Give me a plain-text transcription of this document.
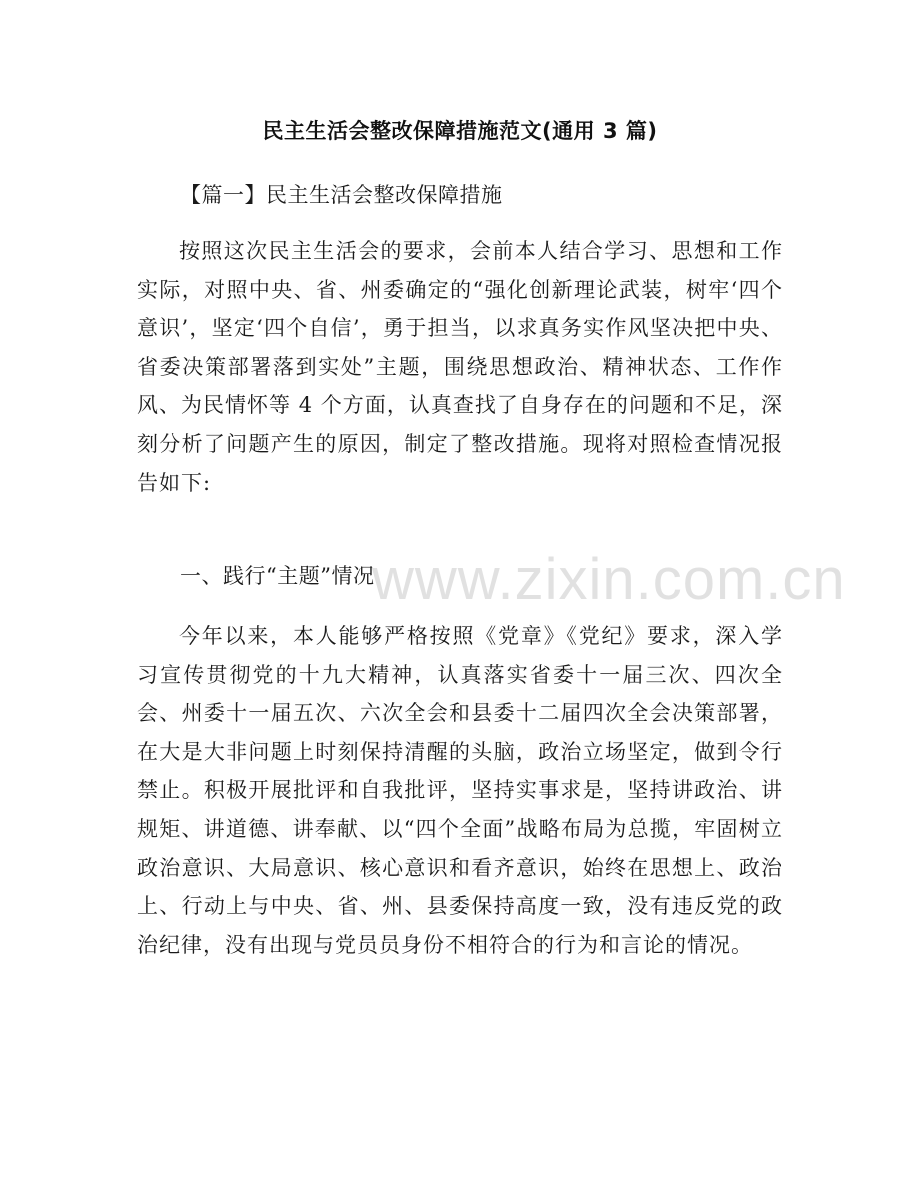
民主生活会整改保障措施范文(通用 3 篇)
【篇一】民主生活会整改保障措施

按照这次民主生活会的要求，会前本人结合学习、思想和工作实际，对照中央、省、州委确定的“强化创新理论武装，树牢‘四个意识’，坚定‘四个自信’，勇于担当，以求真务实作风坚决把中央、省委决策部署落到实处”主题，围绕思想政治、精神状态、工作作风、为民情怀等 4 个方面，认真查找了自身存在的问题和不足，深刻分析了问题产生的原因，制定了整改措施。现将对照检查情况报告如下:

一、践行“主题”情况

今年以来，本人能够严格按照《党章》《党纪》要求，深入学习宣传贯彻党的十九大精神，认真落实省委十一届三次、四次全会、州委十一届五次、六次全会和县委十二届四次全会决策部署，在大是大非问题上时刻保持清醒的头脑，政治立场坚定，做到令行禁止。积极开展批评和自我批评，坚持实事求是，坚持讲政治、讲规矩、讲道德、讲奉献、以“四个全面”战略布局为总揽，牢固树立政治意识、大局意识、核心意识和看齐意识，始终在思想上、政治上、行动上与中央、省、州、县委保持高度一致，没有违反党的政治纪律，没有出现与党员员身份不相符合的行为和言论的情况。

www.zixin.com.cn
